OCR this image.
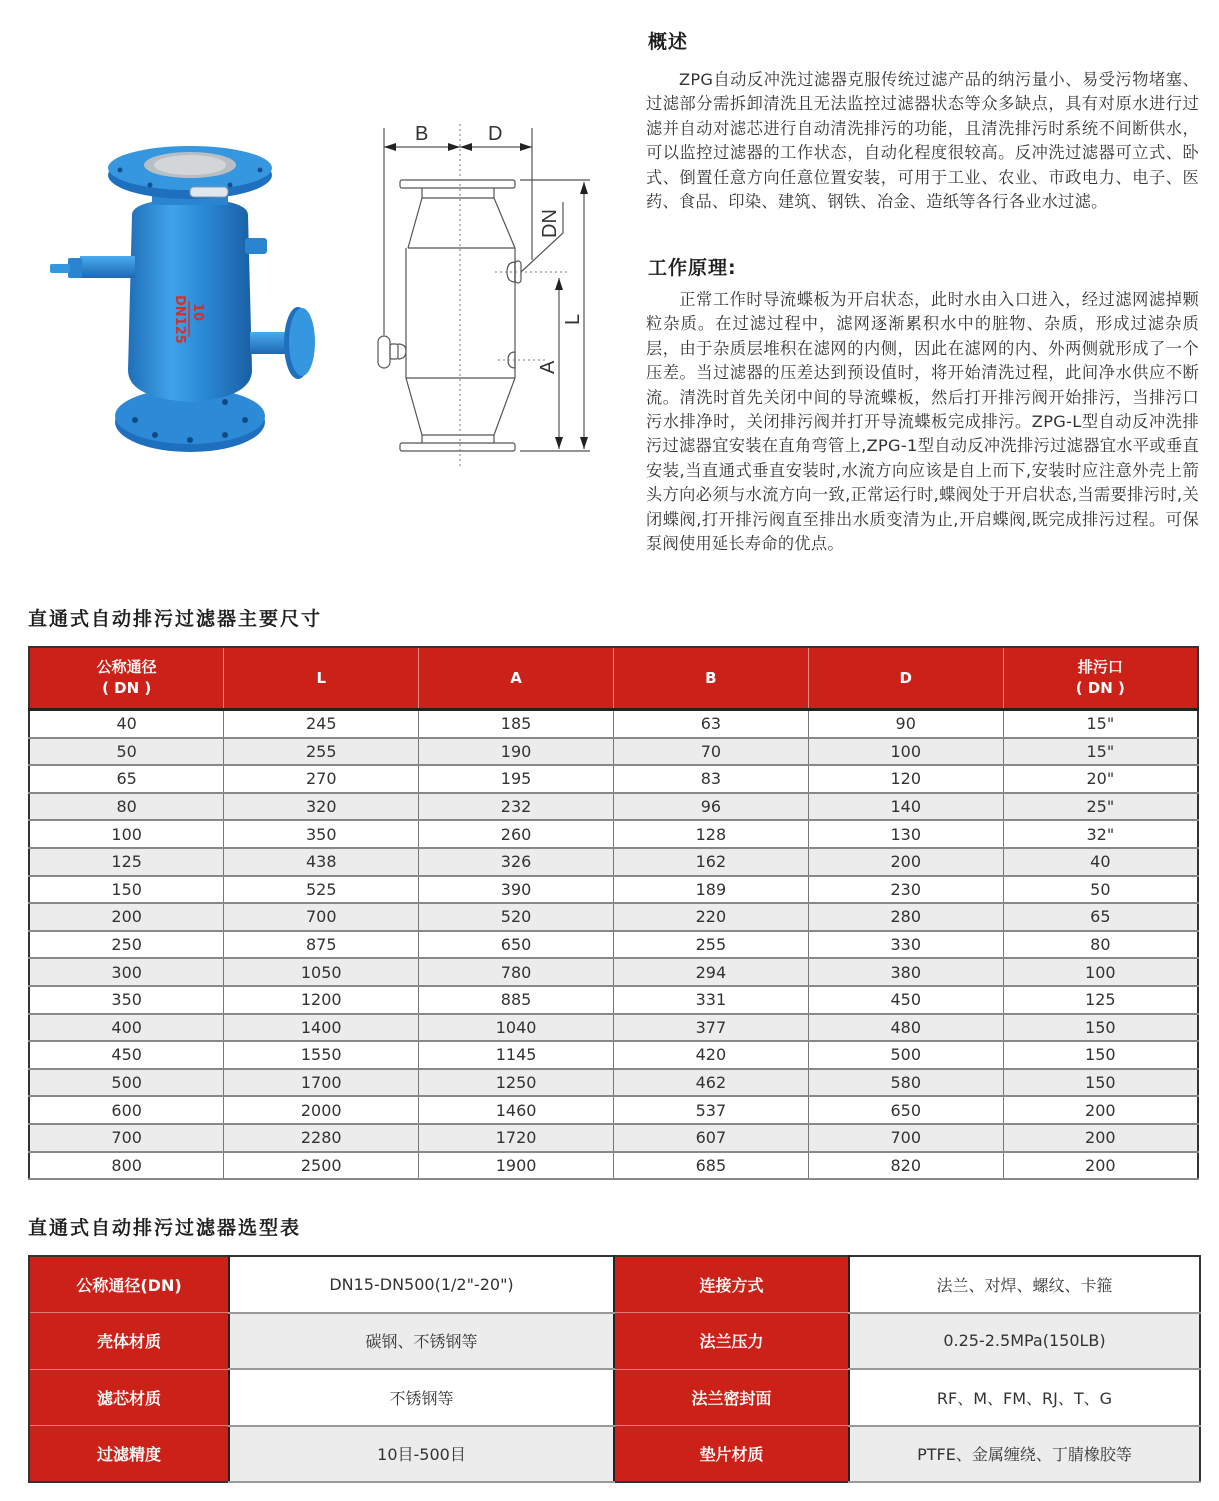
10
DN125
B	D
DN
L
A
概述
  ZPG自动反冲洗过滤器克服传统过滤产品的纳污量小、易受污物堵塞、过滤部分需拆卸清洗且无法监控过滤器状态等众多缺点，具有对原水进行过滤并自动对滤芯进行自动清洗排污的功能，且清洗排污时系统不间断供水，可以监控过滤器的工作状态，自动化程度很较高。反冲洗过滤器可立式、卧式、倒置任意方向任意位置安装，可用于工业、农业、市政电力、电子、医药、食品、印染、建筑、钢铁、冶金、造纸等各行各业水过滤。
工作原理:
  正常工作时导流蝶板为开启状态，此时水由入口进入，经过滤网滤掉颗粒杂质。在过滤过程中，滤网逐渐累积水中的脏物、杂质，形成过滤杂质层，由于杂质层堆积在滤网的内侧，因此在滤网的内、外两侧就形成了一个压差。当过滤器的压差达到预设值时，将开始清洗过程，此间净水供应不断流。清洗时首先关闭中间的导流蝶板，然后打开排污阀开始排污，当排污口污水排净时，关闭排污阀并打开导流蝶板完成排污。ZPG-L型自动反冲洗排污过滤器宜安装在直角弯管上,ZPG-1型自动反冲洗排污过滤器宜水平或垂直安装,当直通式垂直安装时,水流方向应该是自上而下,安装时应注意外壳上箭头方向必须与水流方向一致,正常运行时,蝶阀处于开启状态,当需要排污时,关闭蝶阀,打开排污阀直至排出水质变清为止,开启蝶阀,既完成排污过程。可保泵阀使用延长寿命的优点。
直通式自动排污过滤器主要尺寸
公称通径
( DN )	L	A	B	D	排污口
( DN )
40	245	185	63	90	15"
50	255	190	70	100	15"
65	270	195	83	120	20"
80	320	232	96	140	25"
100	350	260	128	130	32"
125	438	326	162	200	40
150	525	390	189	230	50
200	700	520	220	280	65
250	875	650	255	330	80
300	1050	780	294	380	100
350	1200	885	331	450	125
400	1400	1040	377	480	150
450	1550	1145	420	500	150
500	1700	1250	462	580	150
600	2000	1460	537	650	200
700	2280	1720	607	700	200
800	2500	1900	685	820	200
直通式自动排污过滤器选型表
公称通径(DN)	DN15-DN500(1/2"-20")	连接方式	法兰、对焊、螺纹、卡箍
壳体材质	碳钢、不锈钢等	法兰压力	0.25-2.5MPa(150LB)
滤芯材质	不锈钢等	法兰密封面	RF、M、FM、RJ、T、G
过滤精度	10目-500目	垫片材质	PTFE、金属缠绕、丁腈橡胶等
